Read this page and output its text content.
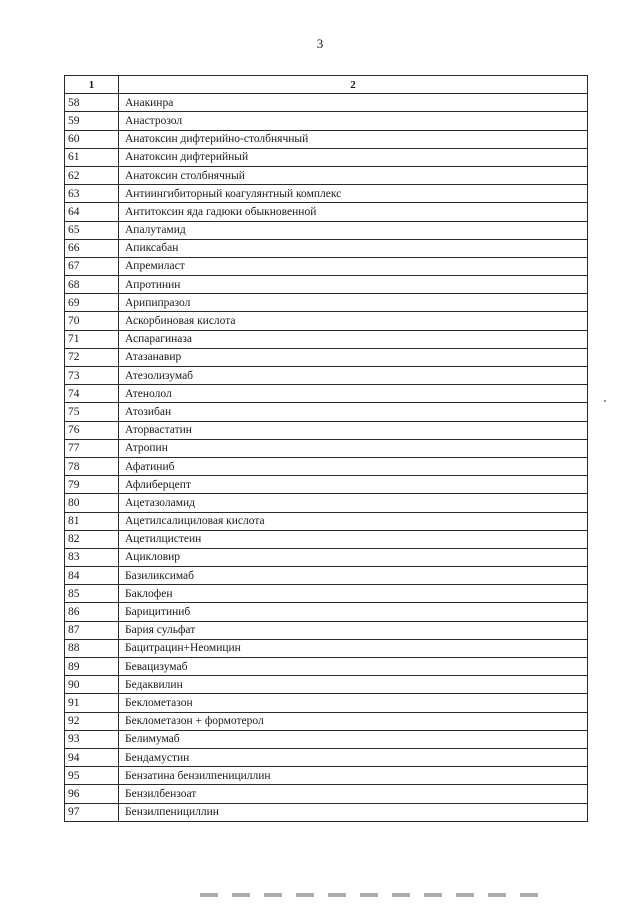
3
1	2
58	Анакинра
59	Анастрозол
60	Анатоксин дифтерийно-столбнячный
61	Анатоксин дифтерийный
62	Анатоксин столбнячный
63	Антиингибиторный коагулянтный комплекс
64	Антитоксин яда гадюки обыкновенной
65	Апалутамид
66	Апиксабан
67	Апремиласт
68	Апротинин
69	Арипипразол
70	Аскорбиновая кислота
71	Аспарагиназа
72	Атазанавир
73	Атезолизумаб
74	Атенолол
75	Атозибан
76	Аторвастатин
77	Атропин
78	Афатиниб
79	Афлиберцепт
80	Ацетазоламид
81	Ацетилсалициловая кислота
82	Ацетилцистеин
83	Ацикловир
84	Базиликсимаб
85	Баклофен
86	Барицитиниб
87	Бария сульфат
88	Бацитрацин+Неомицин
89	Бевацизумаб
90	Бедаквилин
91	Беклометазон
92	Беклометазон + формотерол
93	Белимумаб
94	Бендамустин
95	Бензатина бензилпенициллин
96	Бензилбензоат
97	Бензилпенициллин
